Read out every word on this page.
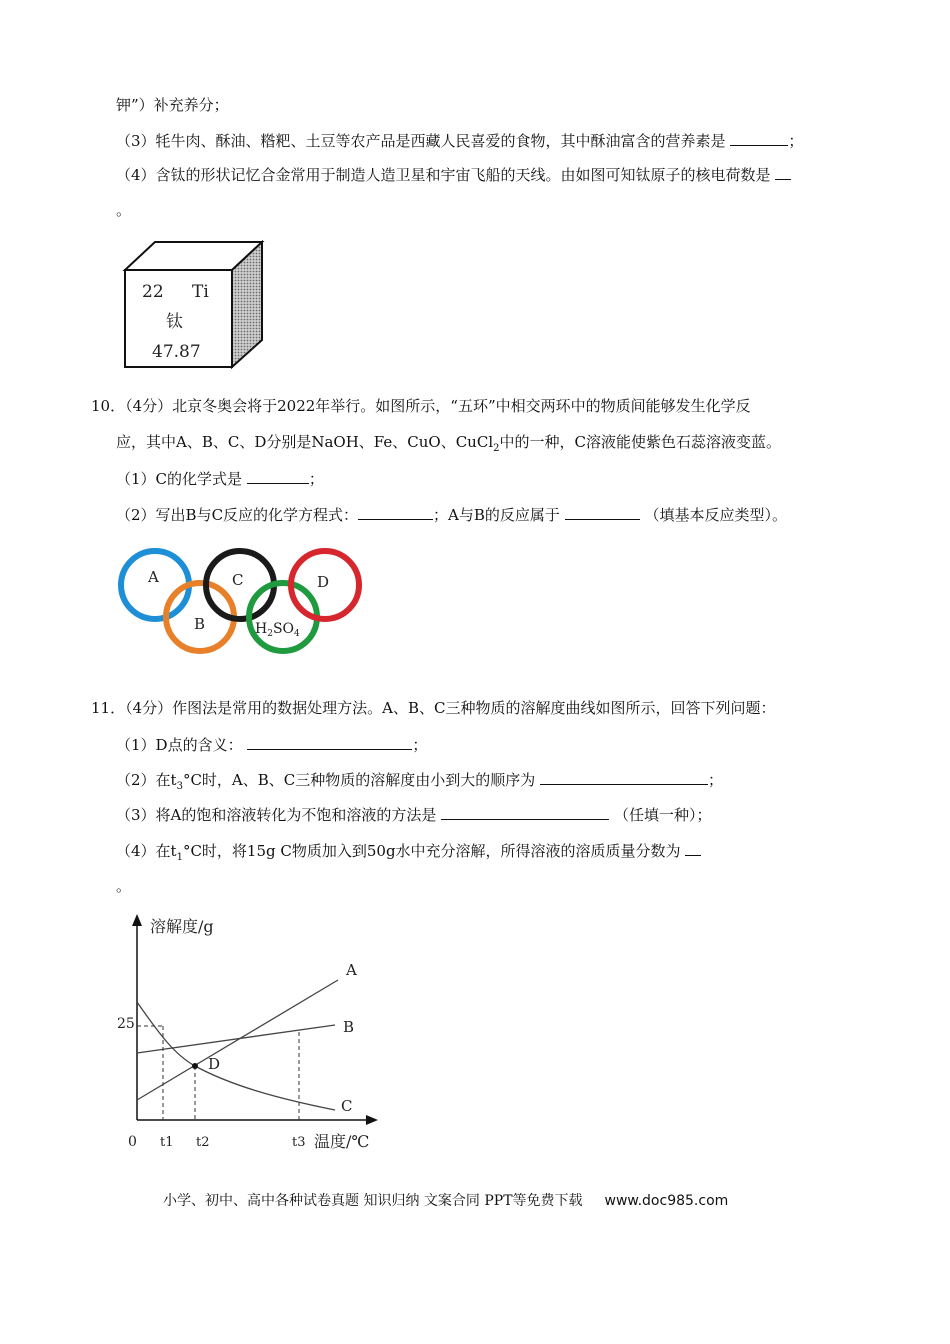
钾”）补充养分；
（3）牦牛肉、酥油、糌粑、土豆等农产品是西藏人民喜爱的食物，其中酥油富含的营养素是	；
（4）含钛的形状记忆合金常用于制造人造卫星和宇宙飞船的天线。由如图可知钛原子的核电荷数是
。
22 Ti
钛
47.87
10．（4分）北京冬奥会将于2022年举行。如图所示，“五环”中相交两环中的物质间能够发生化学反
应，其中A、B、C、D分别是NaOH、Fe、CuO、CuCl$_2$中的一种，C溶液能使紫色石蕊溶液变蓝。
（1）C的化学式是	；
（2）写出B与C反应的化学方程式：	；A与B的反应属于	（填基本反应类型）。
A
B
C	D
$H_2SO_4$
11．（4分）作图法是常用的数据处理方法。A、B、C三种物质的溶解度曲线如图所示，回答下列问题：
（1）D点的含义：	；
（2）在$t_3^\circ C$时，A、B、C三种物质的溶解度由小到大的顺序为	；
（3）将A的饱和溶液转化为不饱和溶液的方法是	（任填一种）；
（4）在$t_1^\circ C$时，将15g C物质加入到50g水中充分溶解，所得溶液的溶质质量分数为
。
溶解度/g
温度/℃
0
25
t1 t2	t3
D
A
B
C
小学、初中、高中各种试卷真题 知识归纳 文案合同 PPT等免费下载 www.doc985.com
